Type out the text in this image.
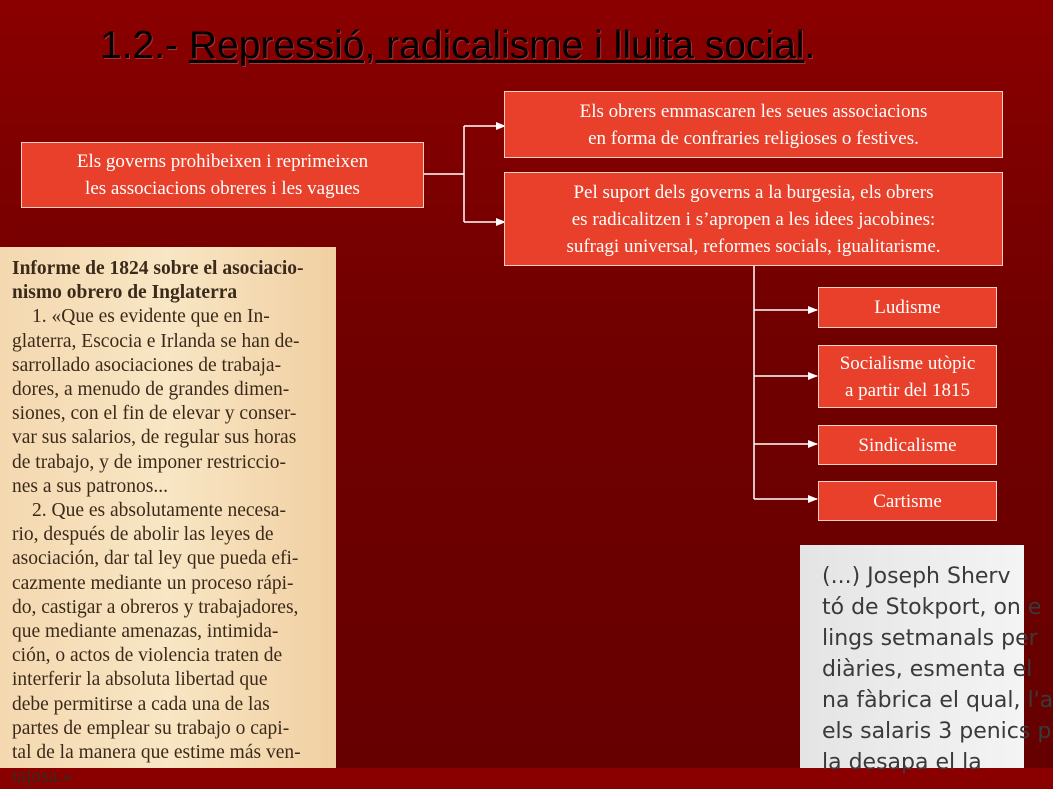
1.2.- Repressió, radicalisme i lluita social.
Els governs prohibeixen i reprimeixen
les associacions obreres i les vagues
Els obrers emmascaren les seues associacions
en forma de confraries religioses o festives.
Pel suport dels governs a la burgesia, els obrers
es radicalitzen i s’apropen a les idees jacobines:
sufragi universal, reformes socials, igualitarisme.
Ludisme
Socialisme utòpic
a partir del 1815
Sindicalisme
Cartisme
Informe de 1824 sobre el asociacio-
nismo obrero de Inglaterra
1. «Que es evidente que en In-
glaterra, Escocia e Irlanda se han de-
sarrollado asociaciones de trabaja-
dores, a menudo de grandes dimen-
siones, con el fin de elevar y conser-
var sus salarios, de regular sus horas
de trabajo, y de imponer restriccio-
nes a sus patronos...
2. Que es absolutamente necesa-
rio, después de abolir las leyes de
asociación, dar tal ley que pueda efi-
cazmente mediante un proceso rápi-
do, castigar a obreros y trabajadores,
que mediante amenazas, intimida-
ción, o actos de violencia traten de
interferir la absoluta libertad que
debe permitirse a cada una de las
partes de emplear su trabajo o capi-
tal de la manera que estime más ven-
tajosa.»
(...) Joseph Sherv
tó de Stokport, on e
lings setmanals per
diàries, esmenta el
na fàbrica el qual, l'a
els salaris 3 penics p
la desapa el la
